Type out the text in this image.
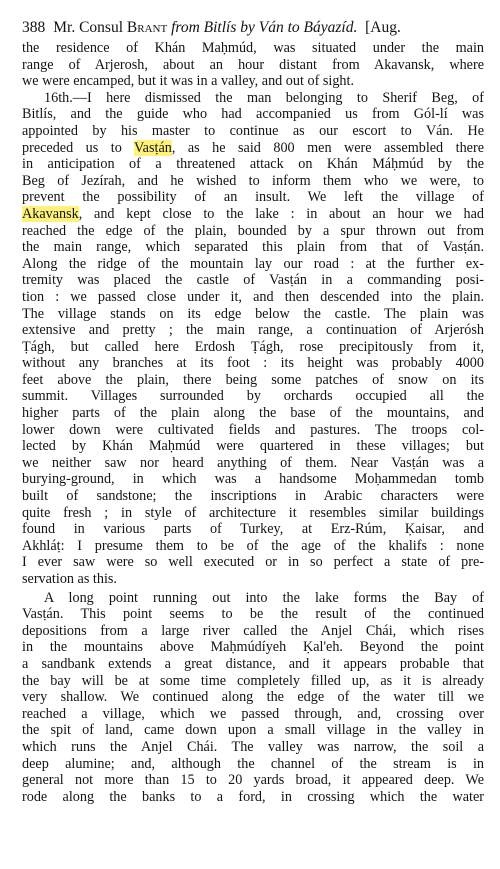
388 Mr. Consul
Brant
from Bitlís by Ván to Báyazíd.
[Aug.
the residence of Khán Maḥmúd, was situated under the main
range of Arjerosh, about an hour distant from Akavansk, where
we were encamped, but it was in a valley, and out of sight.
16th.—I here dismissed the man belonging to Sherif Beg, of
Bitlís, and the guide who had accompanied us from Gól-lí was
appointed by his master to continue as our escort to Ván. He
preceded us to Vasṭán, as he said 800 men were assembled there
in anticipation of a threatened attack on Khán Máḥmúd by the
Beg of Jezírah, and he wished to inform them who we were, to
prevent the possibility of an insult. We left the village of
Akavansk, and kept close to the lake : in about an hour we had
reached the edge of the plain, bounded by a spur thrown out from
the main range, which separated this plain from that of Vasṭán.
Along the ridge of the mountain lay our road : at the further ex-
tremity was placed the castle of Vasṭán in a commanding posi-
tion : we passed close under it, and then descended into the plain.
The village stands on its edge below the castle. The plain was
extensive and pretty ; the main range, a continuation of Arjerósh
Ṭágh, but called here Erdosh Ṭágh, rose precipitously from it,
without any branches at its foot : its height was probably 4000
feet above the plain, there being some patches of snow on its
summit. Villages surrounded by orchards occupied all the
higher parts of the plain along the base of the mountains, and
lower down were cultivated fields and pastures. The troops col-
lected by Khán Maḥmúd were quartered in these villages; but
we neither saw nor heard anything of them. Near Vasṭán was a
burying-ground, in which was a handsome Moḥammedan tomb
built of sandstone; the inscriptions in Arabic characters were
quite fresh ; in style of architecture it resembles similar buildings
found in various parts of Turkey, at Erz-Rúm, Ḳaisar, and
Akhláṭ: I presume them to be of the age of the khalifs : none
I ever saw were so well executed or in so perfect a state of pre-
servation as this.
A long point running out into the lake forms the Bay of
Vasṭán. This point seems to be the result of the continued
depositions from a large river called the Anjel Chái, which rises
in the mountains above Maḥmúdíyeh Ḳal'eh. Beyond the point
a sandbank extends a great distance, and it appears probable that
the bay will be at some time completely filled up, as it is already
very shallow. We continued along the edge of the water till we
reached a village, which we passed through, and, crossing over
the spit of land, came down upon a small village in the valley in
which runs the Anjel Chái. The valley was narrow, the soil a
deep alumine; and, although the channel of the stream is in
general not more than 15 to 20 yards broad, it appeared deep. We
rode along the banks to a ford, in crossing which the water
